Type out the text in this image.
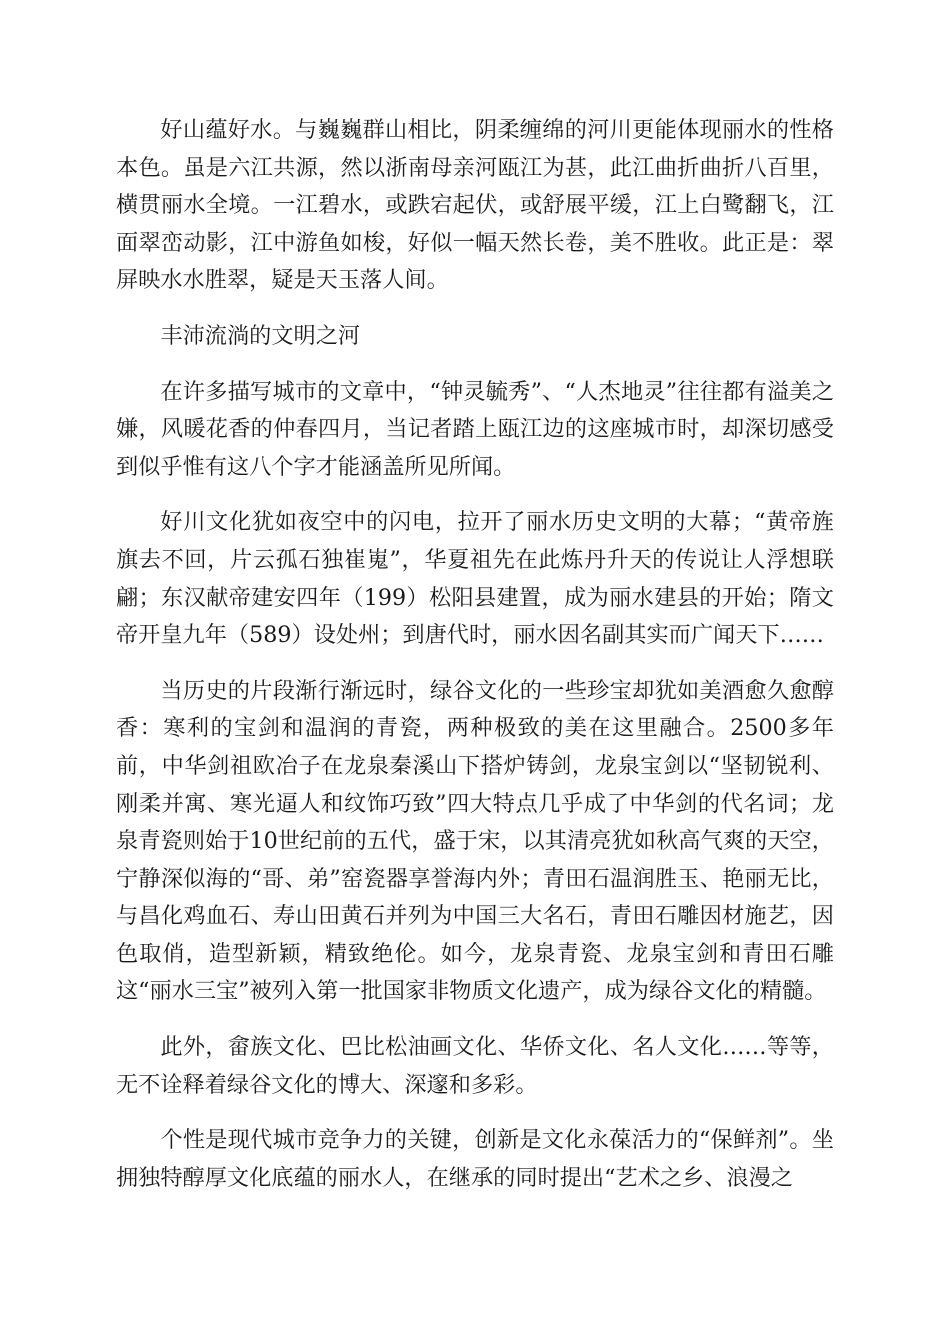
好山蕴好水。与巍巍群山相比，阴柔缠绵的河川更能体现丽水的性格本色。虽是六江共源，然以浙南母亲河瓯江为甚，此江曲折曲折八百里，横贯丽水全境。一江碧水，或跌宕起伏，或舒展平缓，江上白鹭翻飞，江面翠峦动影，江中游鱼如梭，好似一幅天然长卷，美不胜收。此正是：翠屏映水水胜翠，疑是天玉落人间。

丰沛流淌的文明之河

在许多描写城市的文章中，“钟灵毓秀”、“人杰地灵”往往都有溢美之嫌，风暖花香的仲春四月，当记者踏上瓯江边的这座城市时，却深切感受到似乎惟有这八个字才能涵盖所见所闻。

好川文化犹如夜空中的闪电，拉开了丽水历史文明的大幕；“黄帝旌旗去不回，片云孤石独崔嵬”，华夏祖先在此炼丹升天的传说让人浮想联翩；东汉献帝建安四年（199）松阳县建置，成为丽水建县的开始；隋文帝开皇九年（589）设处州；到唐代时，丽水因名副其实而广闻天下……

当历史的片段渐行渐远时，绿谷文化的一些珍宝却犹如美酒愈久愈醇香：寒利的宝剑和温润的青瓷，两种极致的美在这里融合。2500多年前，中华剑祖欧冶子在龙泉秦溪山下搭炉铸剑，龙泉宝剑以“坚韧锐利、刚柔并寓、寒光逼人和纹饰巧致”四大特点几乎成了中华剑的代名词；龙泉青瓷则始于10世纪前的五代，盛于宋，以其清亮犹如秋高气爽的天空，宁静深似海的“哥、弟”窑瓷器享誉海内外；青田石温润胜玉、艳丽无比，与昌化鸡血石、寿山田黄石并列为中国三大名石，青田石雕因材施艺，因色取俏，造型新颖，精致绝伦。如今，龙泉青瓷、龙泉宝剑和青田石雕这“丽水三宝”被列入第一批国家非物质文化遗产，成为绿谷文化的精髓。

此外，畲族文化、巴比松油画文化、华侨文化、名人文化……等等，无不诠释着绿谷文化的博大、深邃和多彩。

个性是现代城市竞争力的关键，创新是文化永葆活力的“保鲜剂”。坐拥独特醇厚文化底蕴的丽水人，在继承的同时提出“艺术之乡、浪漫之
